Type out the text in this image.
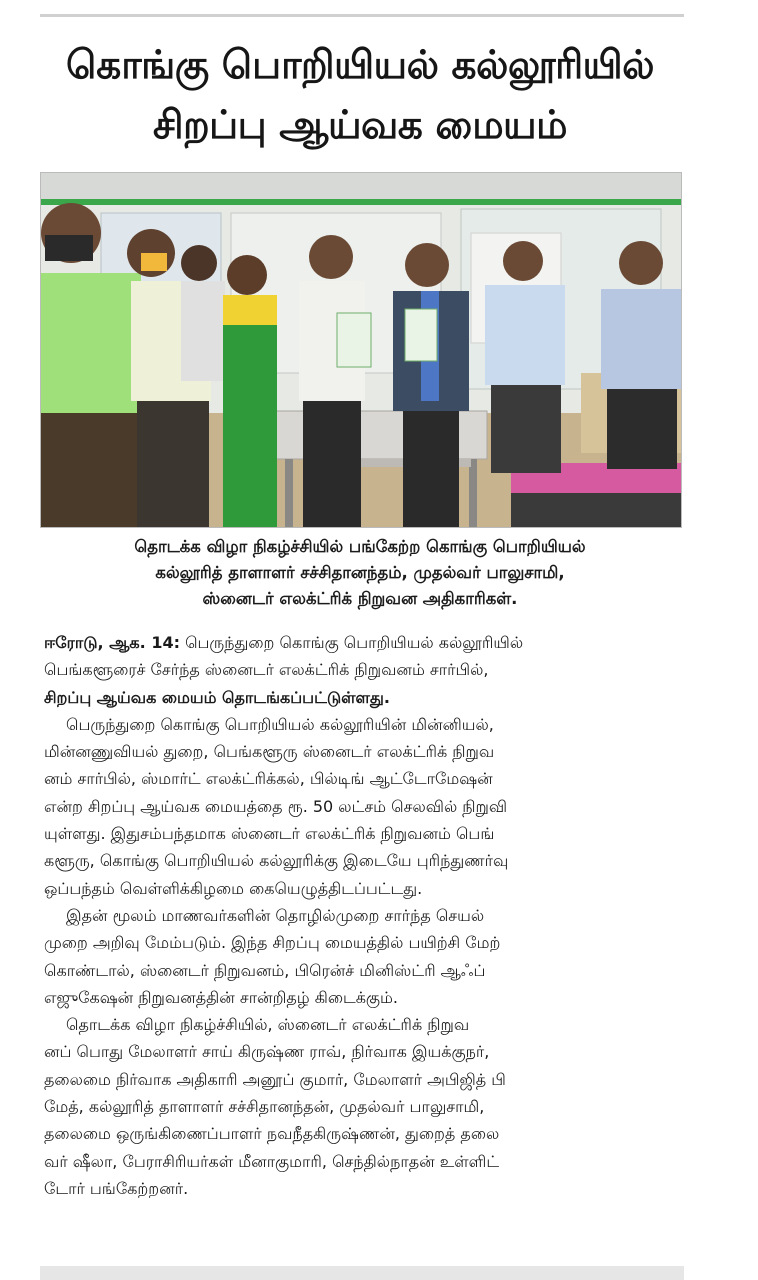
கொங்கு பொறியியல் கல்லூரியில்
சிறப்பு ஆய்வக மையம்
தொடக்க விழா நிகழ்ச்சியில் பங்கேற்ற கொங்கு பொறியியல்
கல்லூரித் தாளாளர் சச்சிதானந்தம், முதல்வர் பாலுசாமி,
ஸ்னைடர் எலக்ட்ரிக் நிறுவன அதிகாரிகள்.
ஈரோடு, ஆக. 14: பெருந்துறை கொங்கு பொறியியல் கல்லூரியில்
பெங்களூரைச் சேர்ந்த ஸ்னைடர் எலக்ட்ரிக் நிறுவனம் சார்பில்,
சிறப்பு ஆய்வக மையம் தொடங்கப்பட்டுள்ளது.
பெருந்துறை கொங்கு பொறியியல் கல்லூரியின் மின்னியல்,
மின்னணுவியல் துறை, பெங்களூரு ஸ்னைடர் எலக்ட்ரிக் நிறுவ
னம் சார்பில், ஸ்மார்ட் எலக்ட்ரிக்கல், பில்டிங் ஆட்டோமேஷன்
என்ற சிறப்பு ஆய்வக மையத்தை ரூ. 50 லட்சம் செலவில் நிறுவி
யுள்ளது. இதுசம்பந்தமாக ஸ்னைடர் எலக்ட்ரிக் நிறுவனம் பெங்
களூரு, கொங்கு பொறியியல் கல்லூரிக்கு இடையே புரிந்துணர்வு
ஒப்பந்தம் வெள்ளிக்கிழமை கையெழுத்திடப்பட்டது.
இதன் மூலம் மாணவர்களின் தொழில்முறை சார்ந்த செயல்
முறை அறிவு மேம்படும். இந்த சிறப்பு மையத்தில் பயிற்சி மேற்
கொண்டால், ஸ்னைடர் நிறுவனம், பிரென்ச் மினிஸ்ட்ரி ஆஃப்
எஜுகேஷன் நிறுவனத்தின் சான்றிதழ் கிடைக்கும்.
தொடக்க விழா நிகழ்ச்சியில், ஸ்னைடர் எலக்ட்ரிக் நிறுவ
னப் பொது மேலாளர் சாய் கிருஷ்ண ராவ், நிர்வாக இயக்குநர்,
தலைமை நிர்வாக அதிகாரி அனூப் குமார், மேலாளர் அபிஜித் பி
மேத், கல்லூரித் தாளாளர் சச்சிதானந்தன், முதல்வர் பாலுசாமி,
தலைமை ஒருங்கிணைப்பாளர் நவநீதகிருஷ்ணன், துறைத் தலை
வர் ஷீலா, பேராசிரியர்கள் மீனாகுமாரி, செந்தில்நாதன் உள்ளிட்
டோர் பங்கேற்றனர்.
